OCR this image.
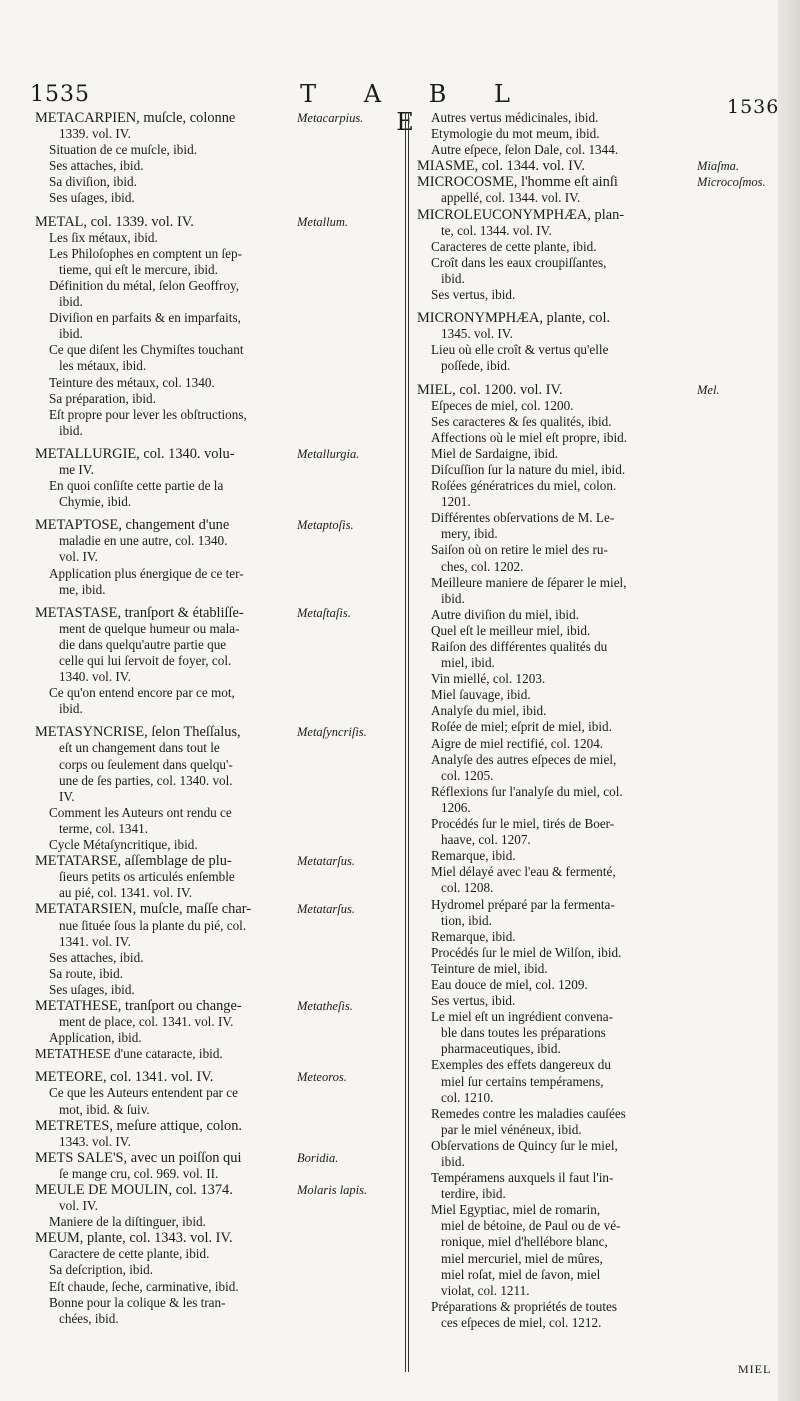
1535	T A B L E
1536
METACARPIEN, muſcle, colonne
1339. vol. IV.
Situation de ce muſcle, ibid.
Ses attaches, ibid.
Sa diviſion, ibid.
Ses uſages, ibid.
Metacarpius.
METAL, col. 1339. vol. IV.
Les ſix métaux, ibid.
Les Philoſophes en comptent un ſep-
tieme, qui eſt le mercure, ibid.
Définition du métal, ſelon Geoffroy,
ibid.
Diviſion en parfaits & en imparfaits,
ibid.
Ce que diſent les Chymiſtes touchant
les métaux, ibid.
Teinture des métaux, col. 1340.
Sa préparation, ibid.
Eſt propre pour lever les obſtructions,
ibid.
Metallum.
METALLURGIE, col. 1340. volu-
me IV.
En quoi conſiſte cette partie de la
Chymie, ibid.
Metallurgia.
METAPTOSE, changement d'une
maladie en une autre, col. 1340.
vol. IV.
Application plus énergique de ce ter-
me, ibid.
Metaptoſis.
METASTASE, tranſport & établiſſe-
ment de quelque humeur ou mala-
die dans quelqu'autre partie que
celle qui lui ſervoit de foyer, col.
1340. vol. IV.
Ce qu'on entend encore par ce mot,
ibid.
Metaſtaſis.
METASYNCRISE, ſelon Theſſalus,
eſt un changement dans tout le
corps ou ſeulement dans quelqu'-
une de ſes parties, col. 1340. vol.
IV.
Comment les Auteurs ont rendu ce
terme, col. 1341.
Cycle Métaſyncritique, ibid.
Metaſyncriſis.
METATARSE, aſſemblage de plu-
ſieurs petits os articulés enſemble
au pié, col. 1341. vol. IV.
Metatarſus.
METATARSIEN, muſcle, maſſe char-
nue ſituée ſous la plante du pié, col.
1341. vol. IV.
Ses attaches, ibid.
Sa route, ibid.
Ses uſages, ibid.
Metatarſus.
METATHESE, tranſport ou change-
ment de place, col. 1341. vol. IV.
Application, ibid.
METATHESE d'une cataracte, ibid.
Metatheſis.
METEORE, col. 1341. vol. IV.
Ce que les Auteurs entendent par ce
mot, ibid. & ſuiv.
Meteoros.
METRETES, meſure attique, colon.
1343. vol. IV.
METS SALE'S, avec un poiſſon qui
ſe mange cru, col. 969. vol. II.
Boridia.
MEULE DE MOULIN, col. 1374.
vol. IV.
Maniere de la diſtinguer, ibid.
Molaris lapis.
MEUM, plante, col. 1343. vol. IV.
Caractere de cette plante, ibid.
Sa deſcription, ibid.
Eſt chaude, ſeche, carminative, ibid.
Bonne pour la colique & les tran-
chées, ibid.
Autres vertus médicinales, ibid.
Etymologie du mot meum, ibid.
Autre eſpece, ſelon Dale, col. 1344.
MIASME, col. 1344. vol. IV.	Miaſma.
MICROCOSME, l'homme eſt ainſi
appellé, col. 1344. vol. IV.
Microcoſmos.
MICROLEUCONYMPHÆA, plan-
te, col. 1344. vol. IV.
Caracteres de cette plante, ibid.
Croît dans les eaux croupiſſantes,
ibid.
Ses vertus, ibid.
MICRONYMPHÆA, plante, col.
1345. vol. IV.
Lieu où elle croît & vertus qu'elle
poſſede, ibid.
MIEL, col. 1200. vol. IV.
Eſpeces de miel, col. 1200.
Ses caracteres & ſes qualités, ibid.
Affections où le miel eſt propre, ibid.
Miel de Sardaigne, ibid.
Diſcuſſion ſur la nature du miel, ibid.
Roſées génératrices du miel, colon.
1201.
Différentes obſervations de M. Le-
mery, ibid.
Saiſon où on retire le miel des ru-
ches, col. 1202.
Meilleure maniere de ſéparer le miel,
ibid.
Autre diviſion du miel, ibid.
Quel eſt le meilleur miel, ibid.
Raiſon des différentes qualités du
miel, ibid.
Vin miellé, col. 1203.
Miel ſauvage, ibid.
Analyſe du miel, ibid.
Roſée de miel; eſprit de miel, ibid.
Aigre de miel rectifié, col. 1204.
Analyſe des autres eſpeces de miel,
col. 1205.
Réflexions ſur l'analyſe du miel, col.
1206.
Procédés ſur le miel, tirés de Boer-
haave, col. 1207.
Remarque, ibid.
Miel délayé avec l'eau & fermenté,
col. 1208.
Hydromel préparé par la fermenta-
tion, ibid.
Remarque, ibid.
Procédés ſur le miel de Wilſon, ibid.
Teinture de miel, ibid.
Eau douce de miel, col. 1209.
Ses vertus, ibid.
Le miel eſt un ingrédient convena-
ble dans toutes les préparations
pharmaceutiques, ibid.
Exemples des effets dangereux du
miel ſur certains tempéramens,
col. 1210.
Remedes contre les maladies cauſées
par le miel vénéneux, ibid.
Obſervations de Quincy ſur le miel,
ibid.
Tempéramens auxquels il faut l'in-
terdire, ibid.
Miel Egyptiac, miel de romarin,
miel de bétoine, de Paul ou de vé-
ronique, miel d'hellébore blanc,
miel mercuriel, miel de mûres,
miel roſat, miel de ſavon, miel
violat, col. 1211.
Préparations & propriétés de toutes
ces eſpeces de miel, col. 1212.
Mel.
MIEL
